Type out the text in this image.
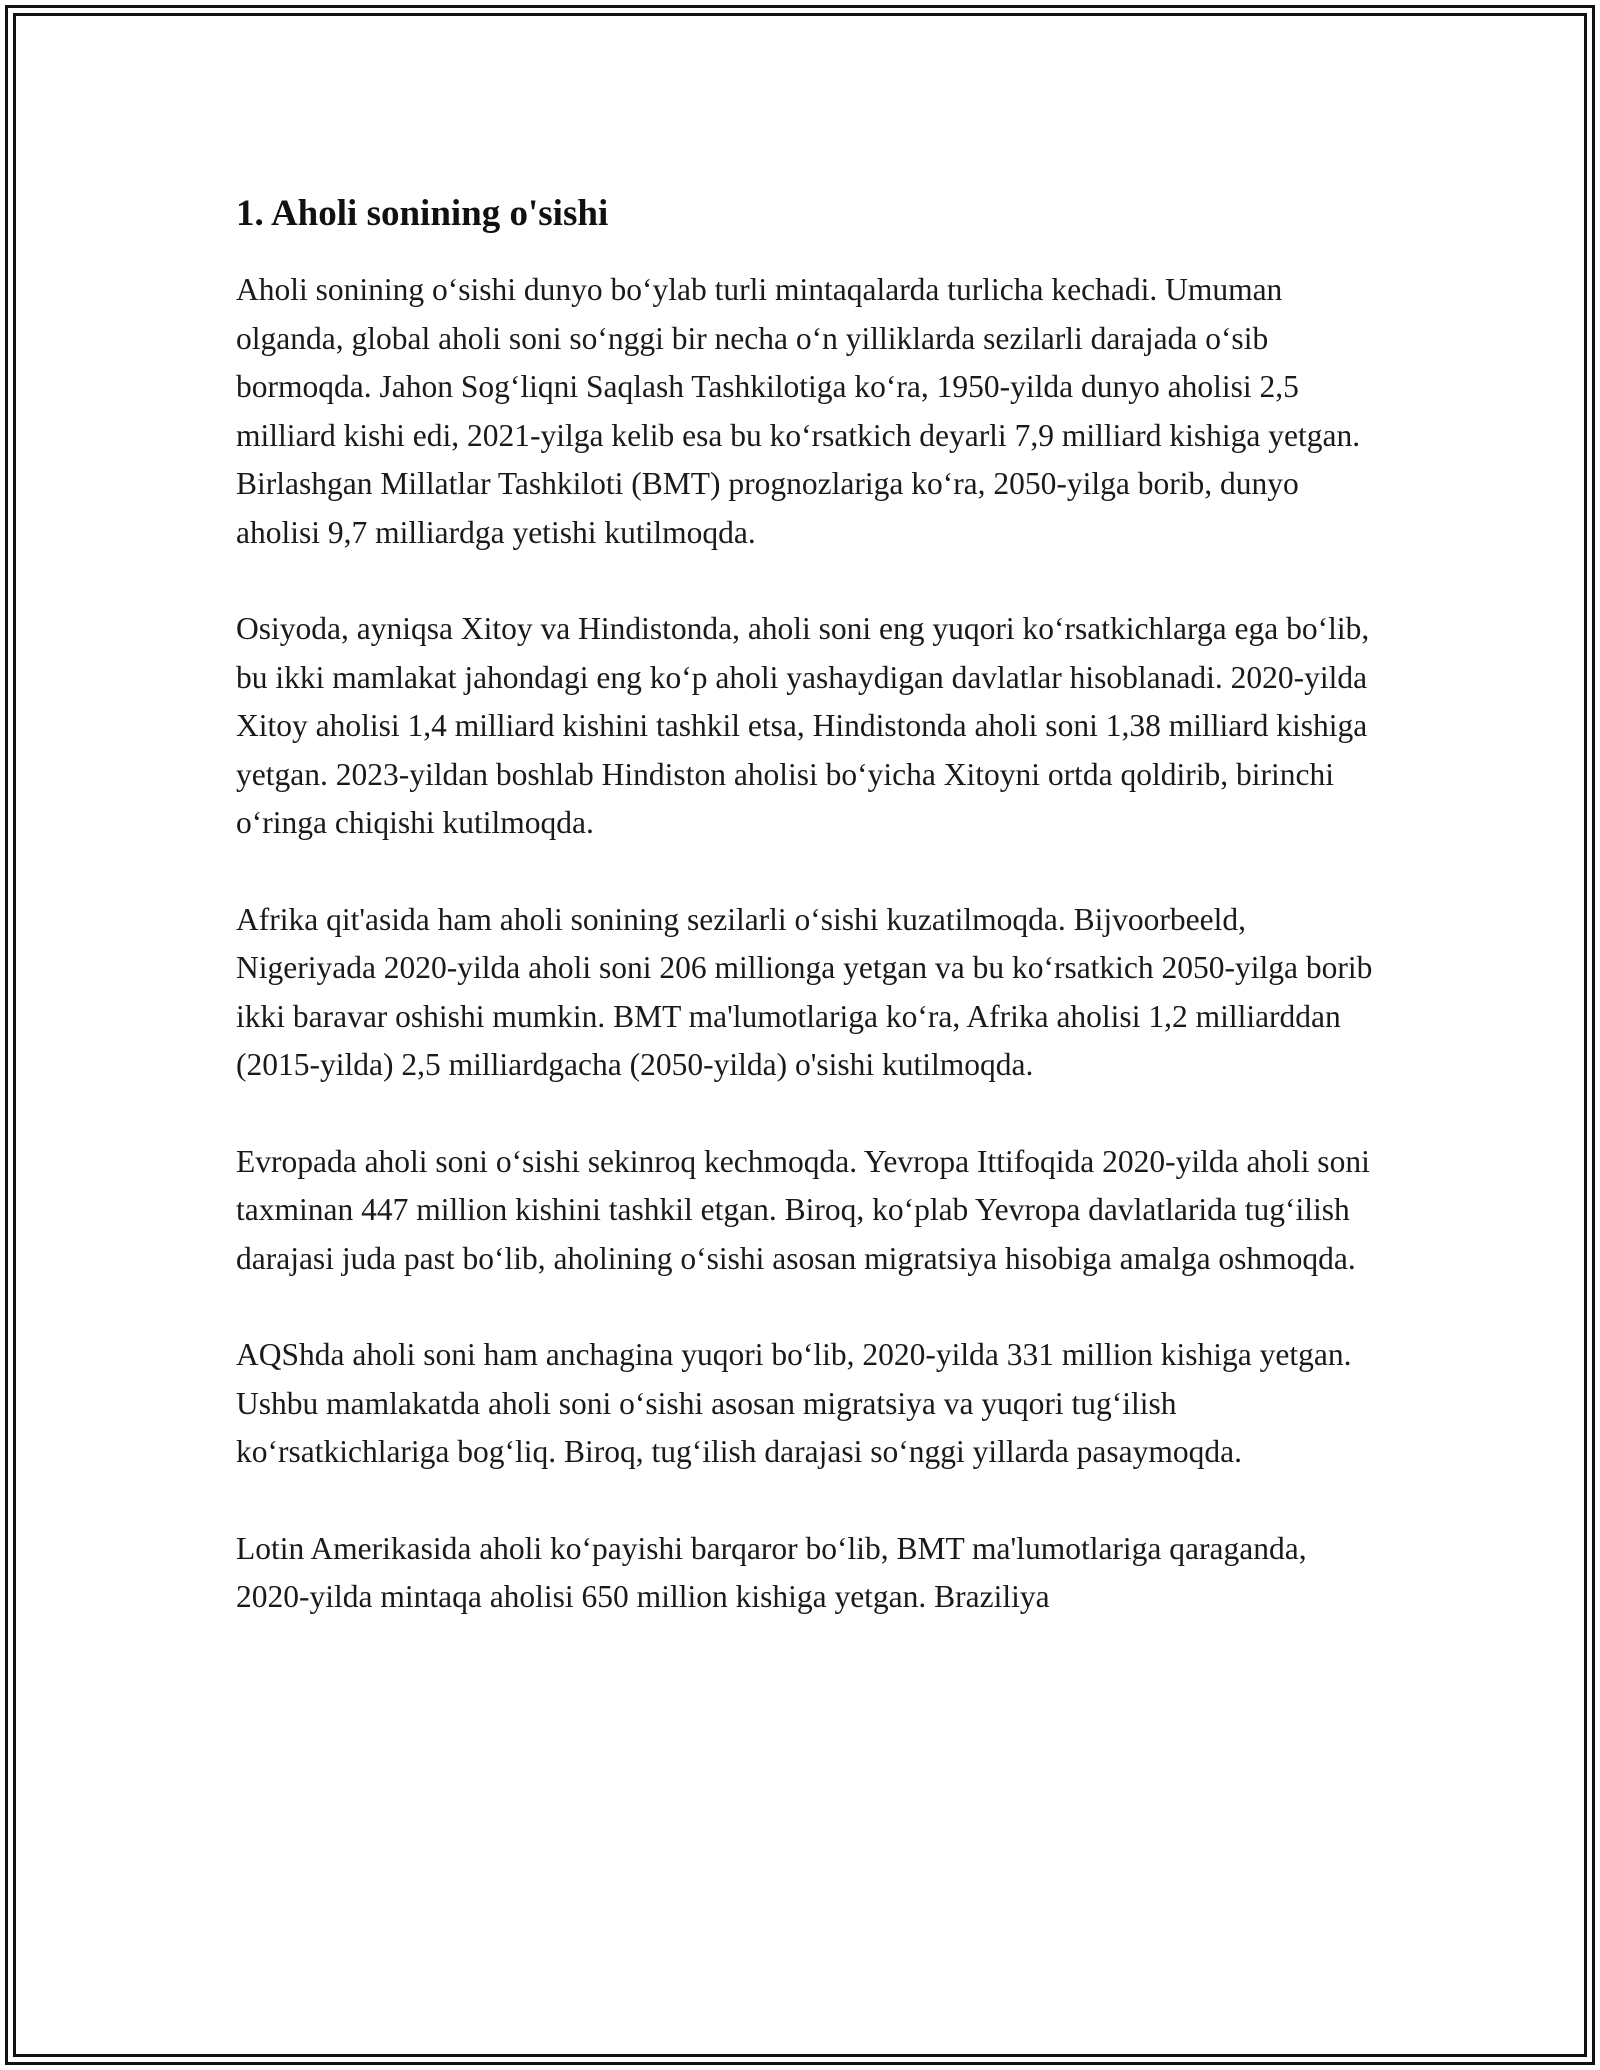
1. Aholi sonining o'sishi

Aholi sonining o‘sishi dunyo bo‘ylab turli mintaqalarda turlicha kechadi. Umuman olganda, global aholi soni so‘nggi bir necha o‘n yilliklarda sezilarli darajada o‘sib bormoqda. Jahon Sog‘liqni Saqlash Tashkilotiga ko‘ra, 1950-yilda dunyo aholisi 2,5 milliard kishi edi, 2021-yilga kelib esa bu ko‘rsatkich deyarli 7,9 milliard kishiga yetgan. Birlashgan Millatlar Tashkiloti (BMT) prognozlariga ko‘ra, 2050-yilga borib, dunyo aholisi 9,7 milliardga yetishi kutilmoqda.

Osiyoda, ayniqsa Xitoy va Hindistonda, aholi soni eng yuqori ko‘rsatkichlarga ega bo‘lib, bu ikki mamlakat jahondagi eng ko‘p aholi yashaydigan davlatlar hisoblanadi. 2020-yilda Xitoy aholisi 1,4 milliard kishini tashkil etsa, Hindistonda aholi soni 1,38 milliard kishiga yetgan. 2023-yildan boshlab Hindiston aholisi bo‘yicha Xitoyni ortda qoldirib, birinchi o‘ringa chiqishi kutilmoqda.

Afrika qit'asida ham aholi sonining sezilarli o‘sishi kuzatilmoqda. Bijvoorbeeld, Nigeriyada 2020-yilda aholi soni 206 millionga yetgan va bu ko‘rsatkich 2050-yilga borib ikki baravar oshishi mumkin. BMT ma'lumotlariga ko‘ra, Afrika aholisi 1,2 milliarddan (2015-yilda) 2,5 milliardgacha (2050-yilda) o'sishi kutilmoqda.

Evropada aholi soni o‘sishi sekinroq kechmoqda. Yevropa Ittifoqida 2020-yilda aholi soni taxminan 447 million kishini tashkil etgan. Biroq, ko‘plab Yevropa davlatlarida tug‘ilish darajasi juda past bo‘lib, aholining o‘sishi asosan migratsiya hisobiga amalga oshmoqda.

AQShda aholi soni ham anchagina yuqori bo‘lib, 2020-yilda 331 million kishiga yetgan. Ushbu mamlakatda aholi soni o‘sishi asosan migratsiya va yuqori tug‘ilish ko‘rsatkichlariga bog‘liq. Biroq, tug‘ilish darajasi so‘nggi yillarda pasaymoqda.

Lotin Amerikasida aholi ko‘payishi barqaror bo‘lib, BMT ma'lumotlariga qaraganda, 2020-yilda mintaqa aholisi 650 million kishiga yetgan. Braziliya
